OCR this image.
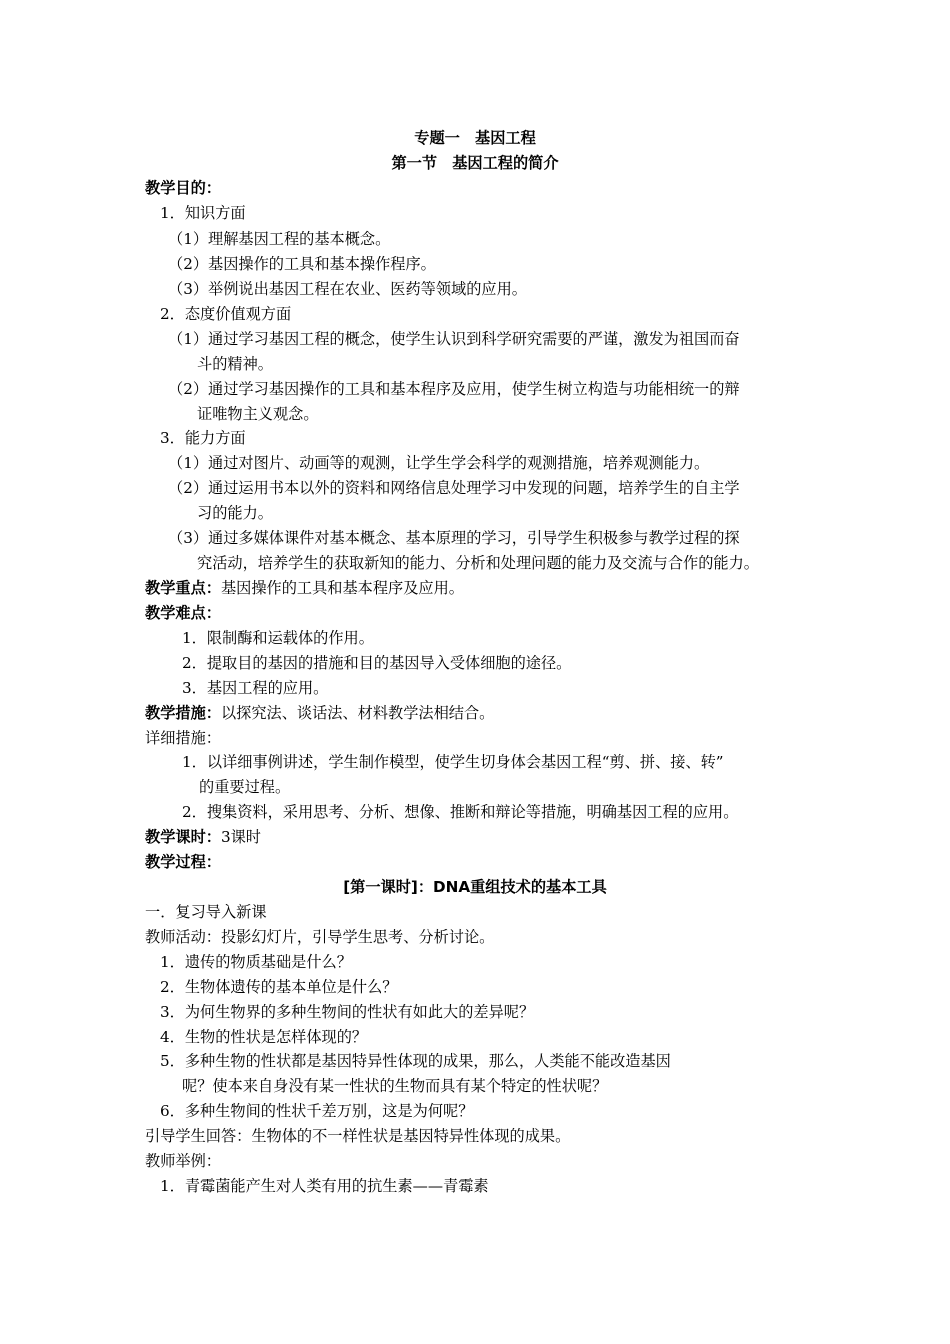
专题一　基因工程
第一节　基因工程的简介
教学目的：
1．知识方面
（1）理解基因工程的基本概念。
（2）基因操作的工具和基本操作程序。
（3）举例说出基因工程在农业、医药等领域的应用。
2．态度价值观方面
（1）通过学习基因工程的概念，使学生认识到科学研究需要的严谨，激发为祖国而奋
斗的精神。
（2）通过学习基因操作的工具和基本程序及应用，使学生树立构造与功能相统一的辩
证唯物主义观念。
3．能力方面
（1）通过对图片、动画等的观测，让学生学会科学的观测措施，培养观测能力。
（2）通过运用书本以外的资料和网络信息处理学习中发现的问题，培养学生的自主学
习的能力。
（3）通过多媒体课件对基本概念、基本原理的学习，引导学生积极参与教学过程的探
究活动，培养学生的获取新知的能力、分析和处理问题的能力及交流与合作的能力。
教学重点：基因操作的工具和基本程序及应用。
教学难点：
1．限制酶和运载体的作用。
2．提取目的基因的措施和目的基因导入受体细胞的途径。
3．基因工程的应用。
教学措施：以探究法、谈话法、材料教学法相结合。
详细措施：
1．以详细事例讲述，学生制作模型，使学生切身体会基因工程“剪、拼、接、转”
的重要过程。
2．搜集资料，采用思考、分析、想像、推断和辩论等措施，明确基因工程的应用。
教学课时：3课时
教学过程：
[第一课时]：DNA重组技术的基本工具
一．复习导入新课
教师活动：投影幻灯片，引导学生思考、分析讨论。
1．遗传的物质基础是什么？
2．生物体遗传的基本单位是什么？
3．为何生物界的多种生物间的性状有如此大的差异呢？
4．生物的性状是怎样体现的？
5．多种生物的性状都是基因特异性体现的成果，那么，人类能不能改造基因
呢？使本来自身没有某一性状的生物而具有某个特定的性状呢？
6．多种生物间的性状千差万别，这是为何呢？
引导学生回答：生物体的不一样性状是基因特异性体现的成果。
教师举例：
1．青霉菌能产生对人类有用的抗生素——青霉素
